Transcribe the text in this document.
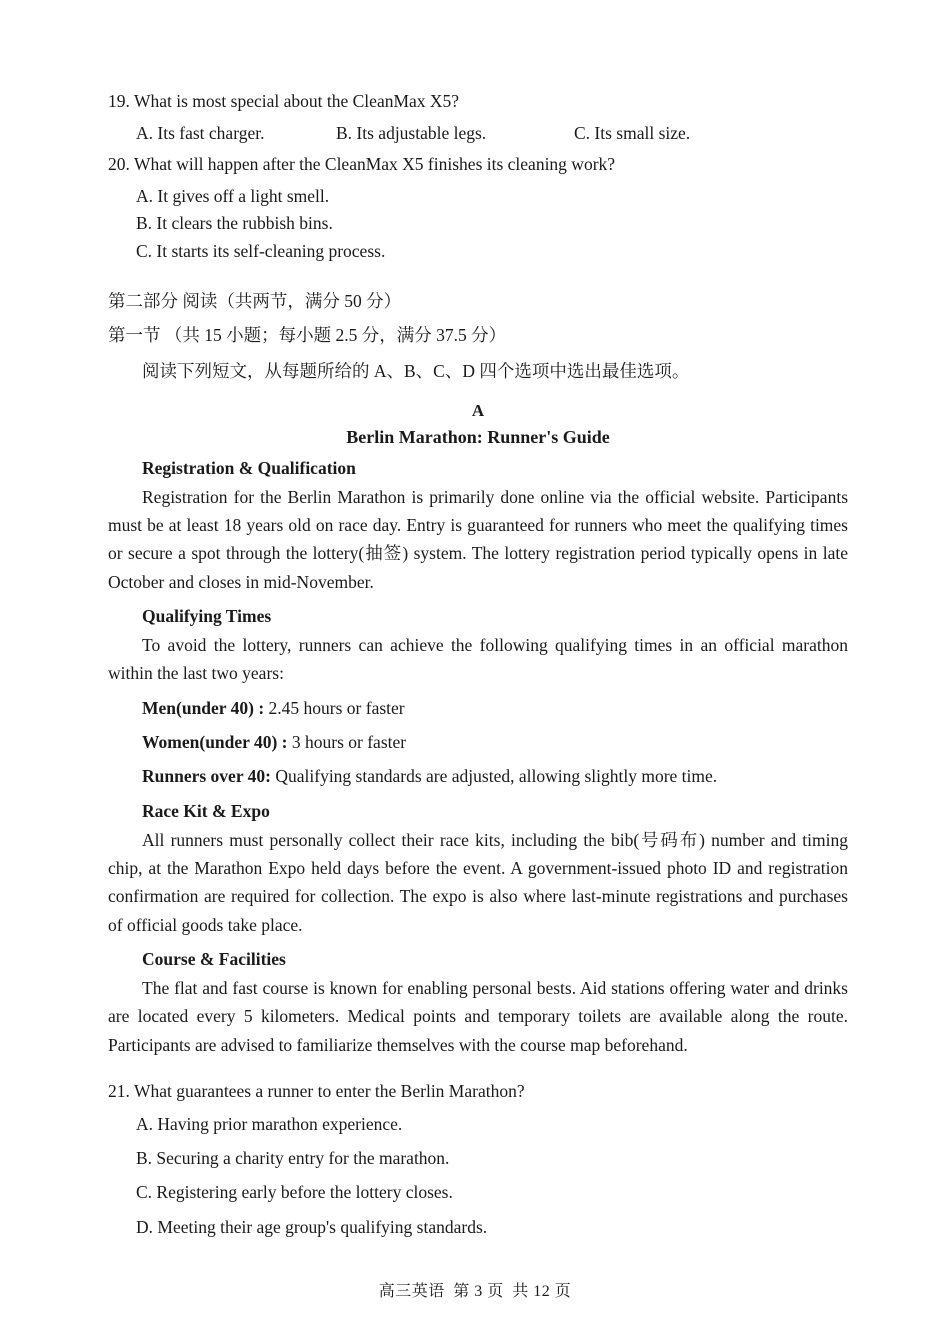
19. What is most special about the CleanMax X5?
A. Its fast charger.	B. Its adjustable legs.	C. Its small size.
20. What will happen after the CleanMax X5 finishes its cleaning work?
A. It gives off a light smell.
B. It clears the rubbish bins.
C. It starts its self-cleaning process.
第二部分 阅读（共两节，满分 50 分）
第一节 （共 15 小题；每小题 2.5 分，满分 37.5 分）
阅读下列短文，从每题所给的 A、B、C、D 四个选项中选出最佳选项。
A
Berlin Marathon: Runner's Guide
Registration & Qualification
Registration for the Berlin Marathon is primarily done online via the official website. Participants must be at least 18 years old on race day. Entry is guaranteed for runners who meet the qualifying times or secure a spot through the lottery(抽签) system. The lottery registration period typically opens in late October and closes in mid-November.
Qualifying Times
To avoid the lottery, runners can achieve the following qualifying times in an official marathon within the last two years:
Men(under 40) : 2.45 hours or faster
Women(under 40) : 3 hours or faster
Runners over 40: Qualifying standards are adjusted, allowing slightly more time.
Race Kit & Expo
All runners must personally collect their race kits, including the bib(号码布) number and timing chip, at the Marathon Expo held days before the event. A government-issued photo ID and registration confirmation are required for collection. The expo is also where last-minute registrations and purchases of official goods take place.
Course & Facilities
The flat and fast course is known for enabling personal bests. Aid stations offering water and drinks are located every 5 kilometers. Medical points and temporary toilets are available along the route. Participants are advised to familiarize themselves with the course map beforehand.
21. What guarantees a runner to enter the Berlin Marathon?
A. Having prior marathon experience.
B. Securing a charity entry for the marathon.
C. Registering early before the lottery closes.
D. Meeting their age group's qualifying standards.
高三英语 第 3 页 共 12 页
